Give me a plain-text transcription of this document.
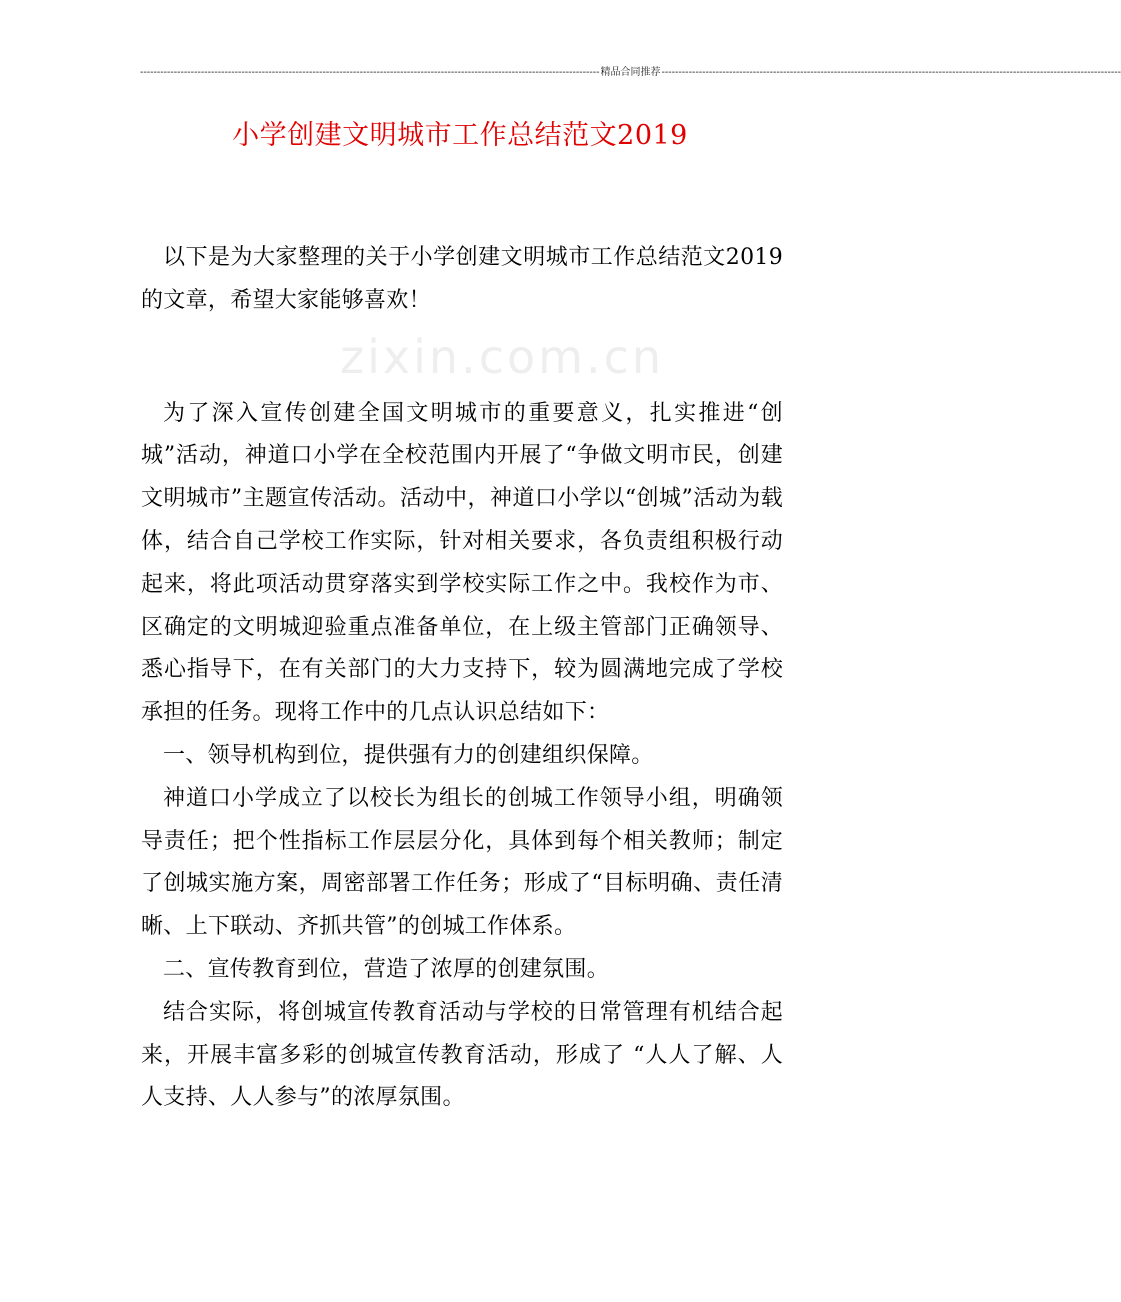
---------------------------------------------------------------------------------------------------------------------------------------- 精品合同推荐 ----------------------------------------------------------------------------------------------------------------------------------------
小学创建文明城市工作总结范文2019
zixin.com.cn

以下是为大家整理的关于小学创建文明城市工作总结范文2019的文章，希望大家能够喜欢！

为了深入宣传创建全国文明城市的重要意义，扎实推进“创城”活动，神道口小学在全校范围内开展了“争做文明市民，创建文明城市”主题宣传活动。活动中，神道口小学以“创城”活动为载体，结合自己学校工作实际，针对相关要求，各负责组积极行动起来，将此项活动贯穿落实到学校实际工作之中。我校作为市、区确定的文明城迎验重点准备单位，在上级主管部门正确领导、悉心指导下，在有关部门的大力支持下，较为圆满地完成了学校承担的任务。现将工作中的几点认识总结如下：

一、领导机构到位，提供强有力的创建组织保障。

神道口小学成立了以校长为组长的创城工作领导小组，明确领导责任；把个性指标工作层层分化，具体到每个相关教师；制定了创城实施方案，周密部署工作任务；形成了“目标明确、责任清晰、上下联动、齐抓共管”的创城工作体系。

二、宣传教育到位，营造了浓厚的创建氛围。

结合实际，将创城宣传教育活动与学校的日常管理有机结合起来，开展丰富多彩的创城宣传教育活动，形成了 “人人了解、人人支持、人人参与”的浓厚氛围。
